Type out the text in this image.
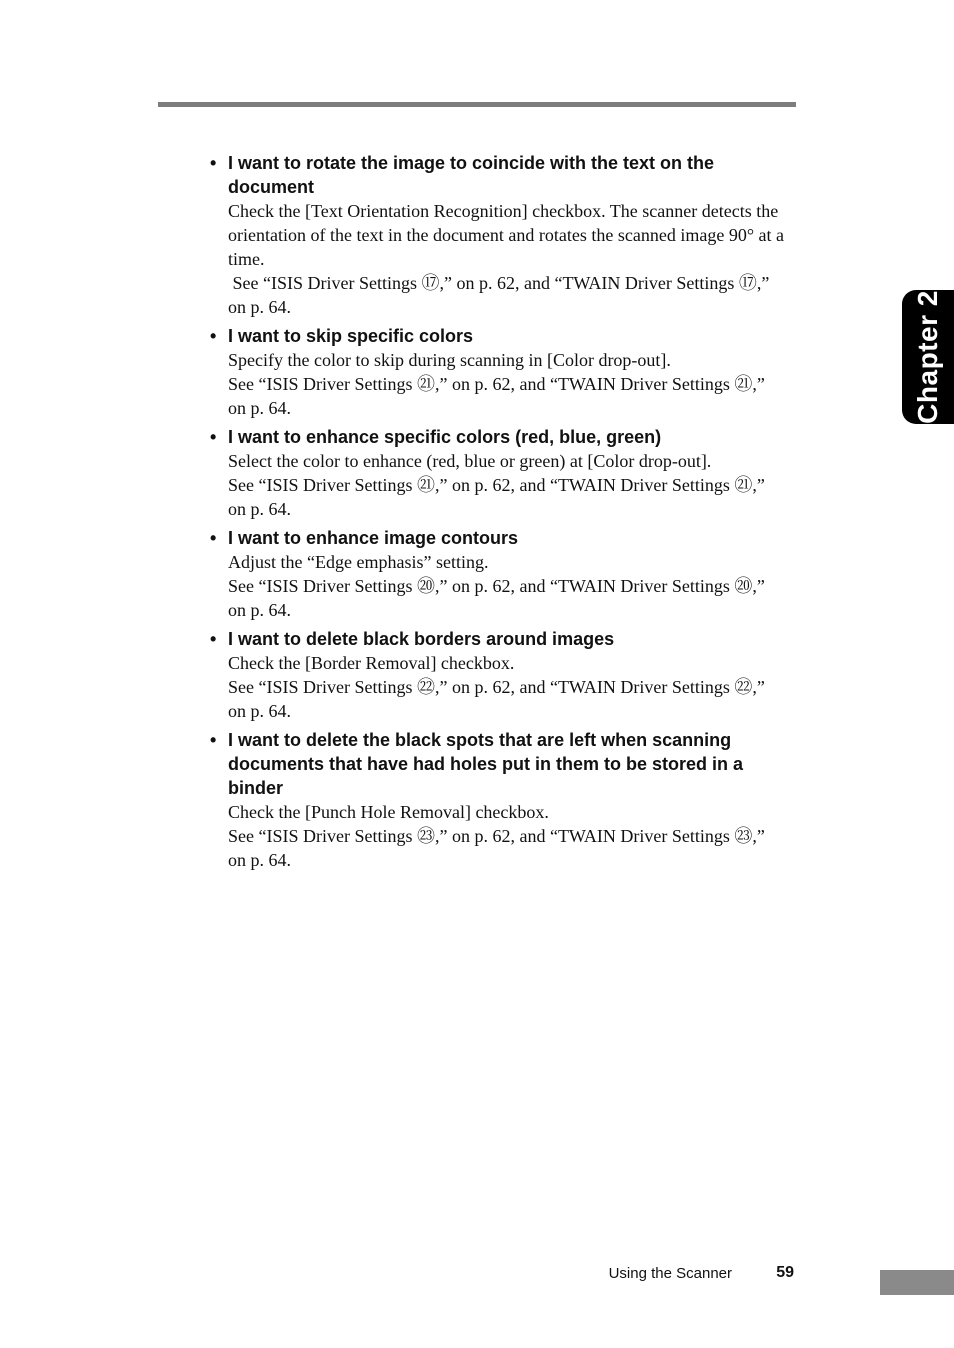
• I want to rotate the image to coincide with the text on the
document

Check the [Text Orientation Recognition] checkbox. The scanner detects the

orientation of the text in the document and rotates the scanned image 90° at a

time.

See “ISIS Driver Settings ⑰,” on p. 62, and “TWAIN Driver Settings ⑰,”

on p. 64.

• I want to skip specific colors

Specify the color to skip during scanning in [Color drop-out].

See “ISIS Driver Settings ㉑,” on p. 62, and “TWAIN Driver Settings ㉑,”

on p. 64.

• I want to enhance specific colors (red, blue, green)

Select the color to enhance (red, blue or green) at [Color drop-out].

See “ISIS Driver Settings ㉑,” on p. 62, and “TWAIN Driver Settings ㉑,”

on p. 64.

• I want to enhance image contours

Adjust the “Edge emphasis” setting.

See “ISIS Driver Settings ⑳,” on p. 62, and “TWAIN Driver Settings ⑳,”

on p. 64.

• I want to delete black borders around images

Check the [Border Removal] checkbox.

See “ISIS Driver Settings ㉒,” on p. 62, and “TWAIN Driver Settings ㉒,”

on p. 64.

• I want to delete the black spots that are left when scanning
documents that have had holes put in them to be stored in a
binder

Check the [Punch Hole Removal] checkbox.

See “ISIS Driver Settings ㉓,” on p. 62, and “TWAIN Driver Settings ㉓,”

on p. 64.

Chapter 2
Using the Scanner	59
